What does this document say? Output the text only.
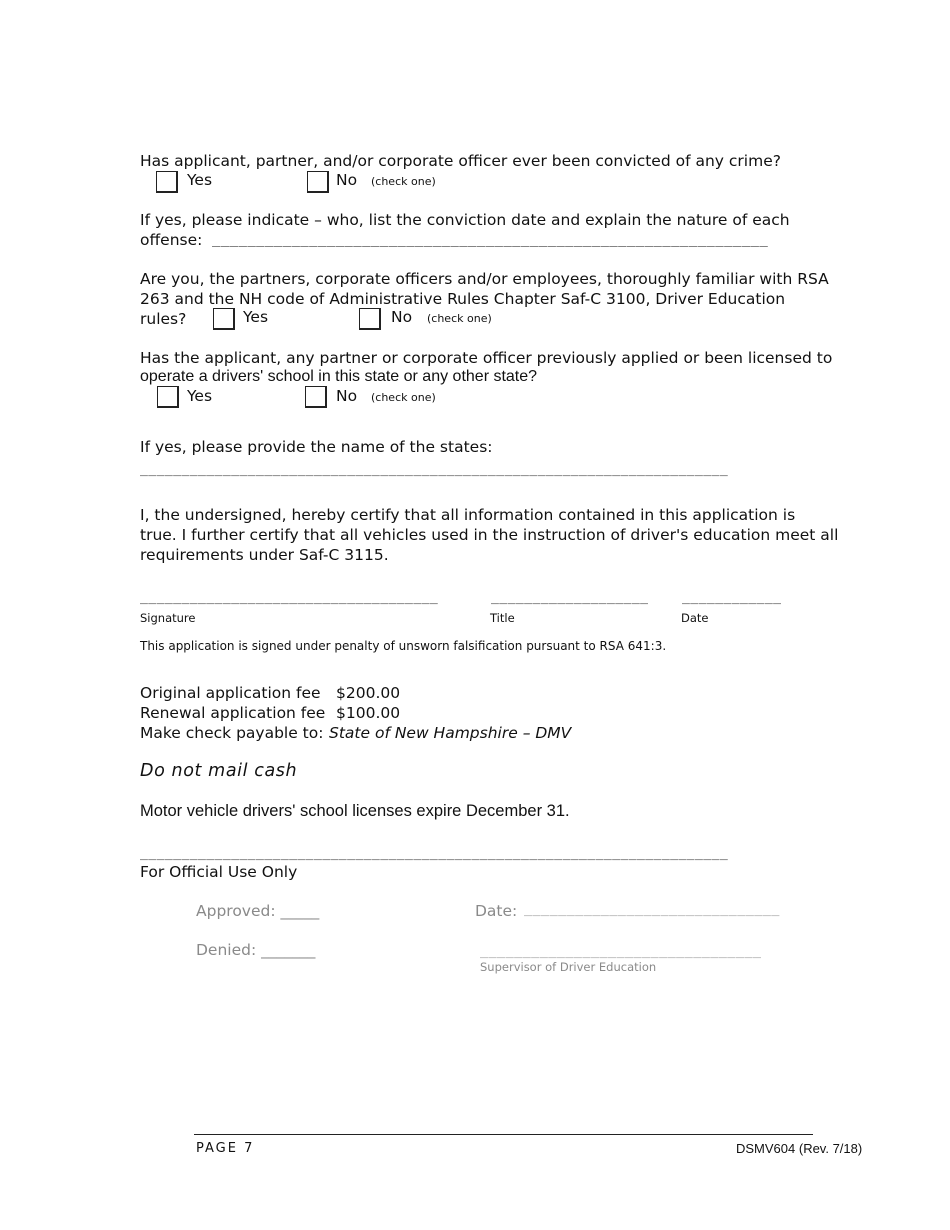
Has applicant, partner, and/or corporate officer ever been convicted of any crime?
Yes	No (check one)
If yes, please indicate – who, list the conviction date and explain the nature of each
offense: _______________________________________________________________
Are you, the partners, corporate officers and/or employees, thoroughly familiar with RSA
263 and the NH code of Administrative Rules Chapter Saf-C 3100, Driver Education
rules?	Yes	No (check one)
Has the applicant, any partner or corporate officer previously applied or been licensed to
operate a drivers' school in this state or any other state?
Yes	No (check one)
If yes, please provide the name of the states:
_______________________________________________________________________
I, the undersigned, hereby certify that all information contained in this application is
true. I further certify that all vehicles used in the instruction of driver's education meet all
requirements under Saf-C 3115.
____________________________________	___________________	____________
Signature	Title	Date
This application is signed under penalty of unsworn falsification pursuant to RSA 641:3.
Original application fee $200.00
Renewal application fee $100.00
Make check payable to: State of New Hampshire – DMV
Do not mail cash
Motor vehicle drivers' school licenses expire December 31.
_______________________________________________________________________
For Official Use Only
Approved: _____	Date: ______________________________
Denied: _______	_________________________________
Supervisor of Driver Education
PAGE 7	DSMV604 (Rev. 7/18)
